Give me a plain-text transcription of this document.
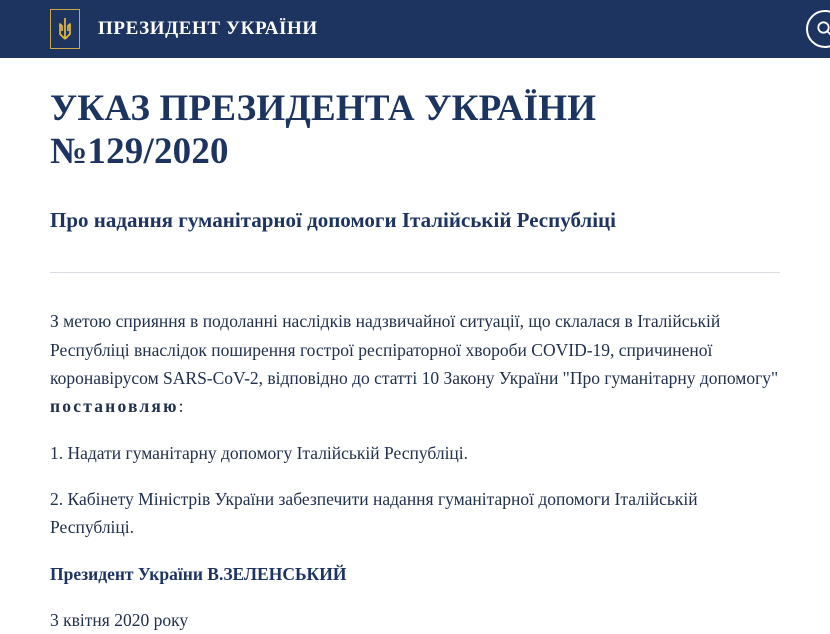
ПРЕЗИДЕНТ УКРАЇНИ
УКАЗ ПРЕЗИДЕНТА УКРАЇНИ №129/2020
Про надання гуманітарної допомоги Італійській Республіці

З метою сприяння в подоланні наслідків надзвичайної ситуації, що склалася в Італійській Республіці внаслідок поширення гострої респіраторної хвороби COVID-19, спричиненої коронавірусом SARS-CoV-2, відповідно до статті 10 Закону України "Про гуманітарну допомогу" постановляю:

1. Надати гуманітарну допомогу Італійській Республіці.

2. Кабінету Міністрів України забезпечити надання гуманітарної допомоги Італійській Республіці.

Президент України В.ЗЕЛЕНСЬКИЙ

3 квітня 2020 року
